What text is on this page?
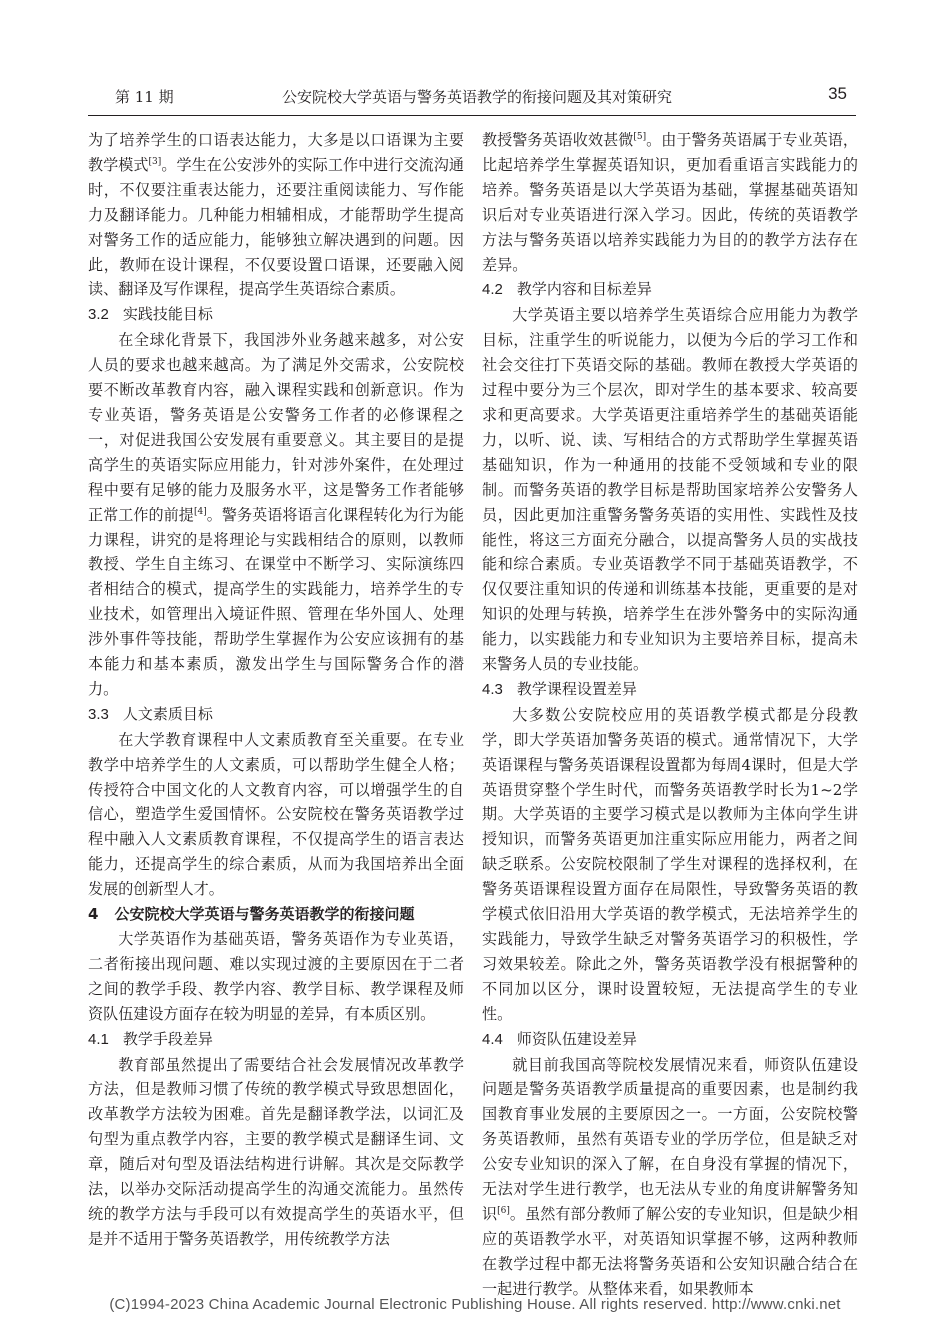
第 11 期	公安院校大学英语与警务英语教学的衔接问题及其对策研究	35

为了培养学生的口语表达能力，大多是以口语课为主要教学模式[3]。学生在公安涉外的实际工作中进行交流沟通时，不仅要注重表达能力，还要注重阅读能力、写作能力及翻译能力。几种能力相辅相成，才能帮助学生提高对警务工作的适应能力，能够独立解决遇到的问题。因此，教师在设计课程，不仅要设置口语课，还要融入阅读、翻译及写作课程，提高学生英语综合素质。

3.2 实践技能目标

在全球化背景下，我国涉外业务越来越多，对公安人员的要求也越来越高。为了满足外交需求，公安院校要不断改革教育内容，融入课程实践和创新意识。作为专业英语，警务英语是公安警务工作者的必修课程之一，对促进我国公安发展有重要意义。其主要目的是提高学生的英语实际应用能力，针对涉外案件，在处理过程中要有足够的能力及服务水平，这是警务工作者能够正常工作的前提[4]。警务英语将语言化课程转化为行为能力课程，讲究的是将理论与实践相结合的原则，以教师教授、学生自主练习、在课堂中不断学习、实际演练四者相结合的模式，提高学生的实践能力，培养学生的专业技术，如管理出入境证件照、管理在华外国人、处理涉外事件等技能，帮助学生掌握作为公安应该拥有的基本能力和基本素质，激发出学生与国际警务合作的潜力。

3.3 人文素质目标

在大学教育课程中人文素质教育至关重要。在专业教学中培养学生的人文素质，可以帮助学生健全人格；传授符合中国文化的人文教育内容，可以增强学生的自信心，塑造学生爱国情怀。公安院校在警务英语教学过程中融入人文素质教育课程，不仅提高学生的语言表达能力，还提高学生的综合素质，从而为我国培养出全面发展的创新型人才。

4 公安院校大学英语与警务英语教学的衔接问题

大学英语作为基础英语，警务英语作为专业英语，二者衔接出现问题、难以实现过渡的主要原因在于二者之间的教学手段、教学内容、教学目标、教学课程及师资队伍建设方面存在较为明显的差异，有本质区别。

4.1 教学手段差异

教育部虽然提出了需要结合社会发展情况改革教学方法，但是教师习惯了传统的教学模式导致思想固化，改革教学方法较为困难。首先是翻译教学法，以词汇及句型为重点教学内容，主要的教学模式是翻译生词、文章，随后对句型及语法结构进行讲解。其次是交际教学法，以举办交际活动提高学生的沟通交流能力。虽然传统的教学方法与手段可以有效提高学生的英语水平，但是并不适用于警务英语教学，用传统教学方法

教授警务英语收效甚微[5]。由于警务英语属于专业英语，比起培养学生掌握英语知识，更加看重语言实践能力的培养。警务英语是以大学英语为基础，掌握基础英语知识后对专业英语进行深入学习。因此，传统的英语教学方法与警务英语以培养实践能力为目的的教学方法存在差异。

4.2 教学内容和目标差异

大学英语主要以培养学生英语综合应用能力为教学目标，注重学生的听说能力，以便为今后的学习工作和社会交往打下英语交际的基础。教师在教授大学英语的过程中要分为三个层次，即对学生的基本要求、较高要求和更高要求。大学英语更注重培养学生的基础英语能力，以听、说、读、写相结合的方式帮助学生掌握英语基础知识，作为一种通用的技能不受领域和专业的限制。而警务英语的教学目标是帮助国家培养公安警务人员，因此更加注重警务警务英语的实用性、实践性及技能性，将这三方面充分融合，以提高警务人员的实战技能和综合素质。专业英语教学不同于基础英语教学，不仅仅要注重知识的传递和训练基本技能，更重要的是对知识的处理与转换，培养学生在涉外警务中的实际沟通能力，以实践能力和专业知识为主要培养目标，提高未来警务人员的专业技能。

4.3 教学课程设置差异

大多数公安院校应用的英语教学模式都是分段教学，即大学英语加警务英语的模式。通常情况下，大学英语课程与警务英语课程设置都为每周4课时，但是大学英语贯穿整个学生时代，而警务英语教学时长为1~2学期。大学英语的主要学习模式是以教师为主体向学生讲授知识，而警务英语更加注重实际应用能力，两者之间缺乏联系。公安院校限制了学生对课程的选择权利，在警务英语课程设置方面存在局限性，导致警务英语的教学模式依旧沿用大学英语的教学模式，无法培养学生的实践能力，导致学生缺乏对警务英语学习的积极性，学习效果较差。除此之外，警务英语教学没有根据警种的不同加以区分，课时设置较短，无法提高学生的专业性。

4.4 师资队伍建设差异

就目前我国高等院校发展情况来看，师资队伍建设问题是警务英语教学质量提高的重要因素，也是制约我国教育事业发展的主要原因之一。一方面，公安院校警务英语教师，虽然有英语专业的学历学位，但是缺乏对公安专业知识的深入了解，在自身没有掌握的情况下，无法对学生进行教学，也无法从专业的角度讲解警务知识[6]。虽然有部分教师了解公安的专业知识，但是缺少相应的英语教学水平，对英语知识掌握不够，这两种教师在教学过程中都无法将警务英语和公安知识融合结合在一起进行教学。从整体来看，如果教师本

(C)1994-2023 China Academic Journal Electronic Publishing House. All rights reserved. http://www.cnki.net
